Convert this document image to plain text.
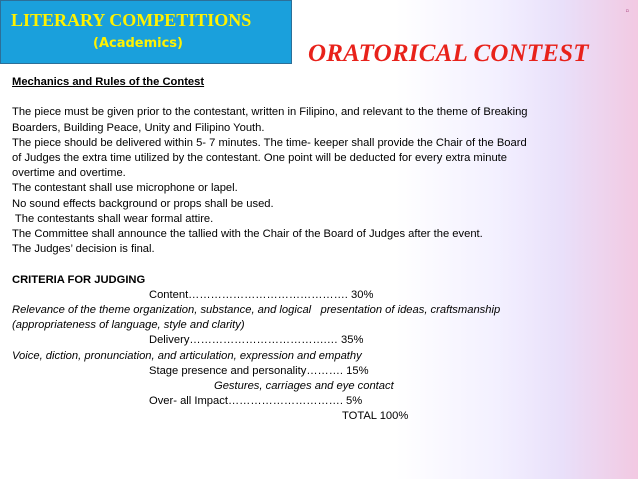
LITERARY COMPETITIONS
(Academics)
▫
ORATORICAL CONTEST
Mechanics and Rules of the Contest
The piece must be given prior to the contestant, written in Filipino, and relevant to the theme of Breaking
Boarders, Building Peace, Unity and Filipino Youth.
The piece should be delivered within 5- 7 minutes. The time- keeper shall provide the Chair of the Board
of Judges the extra time utilized by the contestant. One point will be deducted for every extra minute
overtime and overtime.
The contestant shall use microphone or lapel.
No sound effects background or props shall be used.
The contestants shall wear formal attire.
The Committee shall announce the tallied with the Chair of the Board of Judges after the event.
The Judges’ decision is final.
CRITERIA FOR JUDGING
Content……………………………………. 30%
Relevance of the theme organization, substance, and logical   presentation of ideas, craftsmanship
(appropriateness of language, style and clarity)
Delivery……………………………….… 35%
Voice, diction, pronunciation, and articulation, expression and empathy
Stage presence and personality………. 15%
Gestures, carriages and eye contact
Over- all Impact…………………………. 5%
TOTAL 100%
